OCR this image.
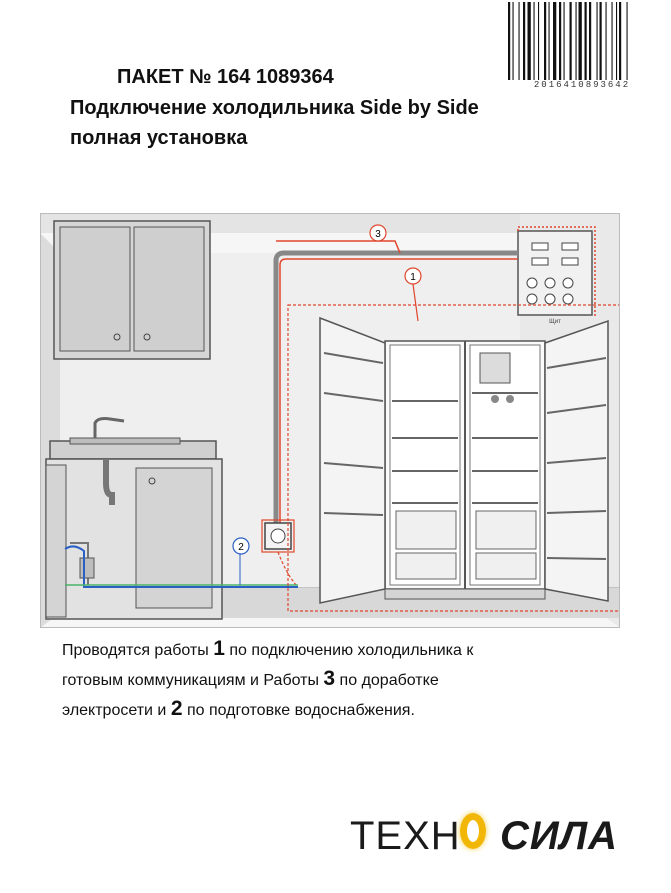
2016410893642
ПАКЕТ № 164 1089364
Подключение холодильника Side by Side
полная установка
Щит
3
1
2
Проводятся работы 1 по подключению холодильника к
готовым коммуникациям и Работы 3 по доработке
электросети и 2 по подготовке водоснабжения.
ТЕХН СИЛА
